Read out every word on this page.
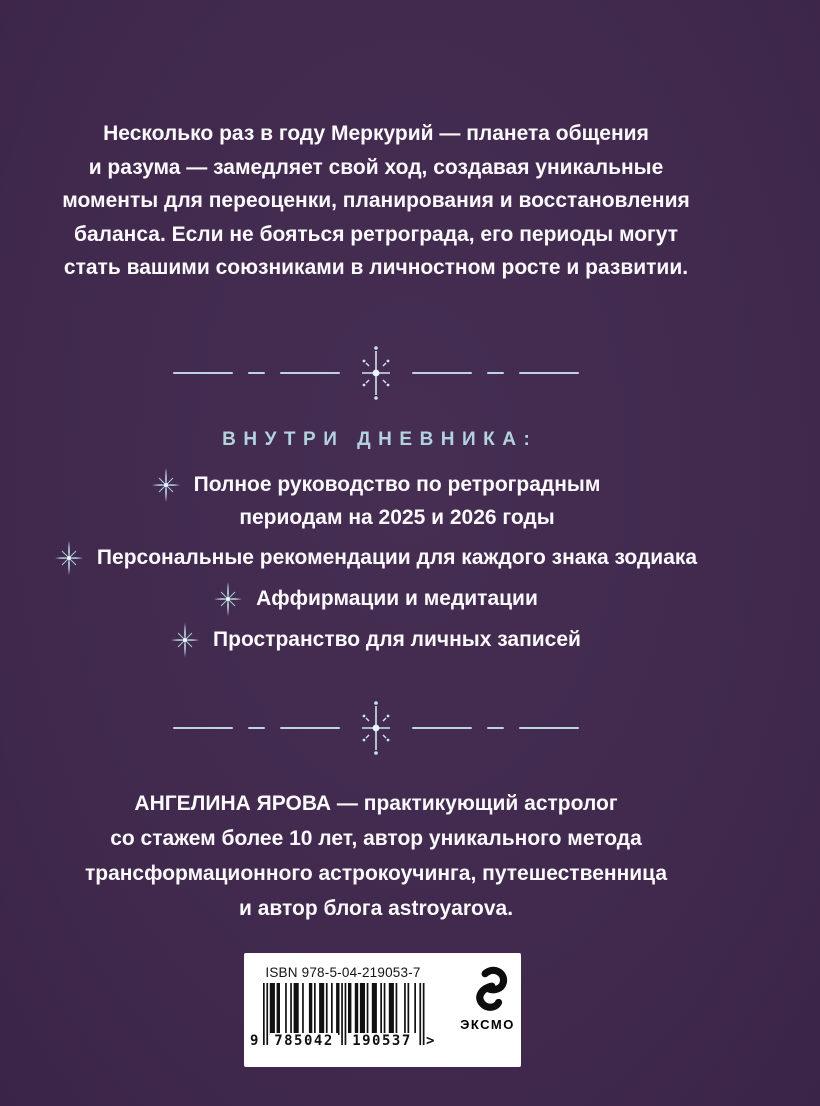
Несколько раз в году Меркурий — планета общения
и разума — замедляет свой ход, создавая уникальные
моменты для переоценки, планирования и восстановления
баланса. Если не бояться ретрограда, его периоды могут
стать вашими союзниками в личностном росте и развитии.

ВНУТРИ ДНЕВНИКА:
Полное руководство по ретроградным
периодам на 2025 и 2026 годы
Персональные рекомендации для каждого знака зодиака
Аффирмации и медитации
Пространство для личных записей

АНГЕЛИНА ЯРОВА — практикующий астролог
со стажем более 10 лет, автор уникального метода
трансформационного астрокоучинга, путешественница
и автор блога astroyarova.

ISBN 978-5-04-219053-7
9	785042	190537	>
ЭКСМО
